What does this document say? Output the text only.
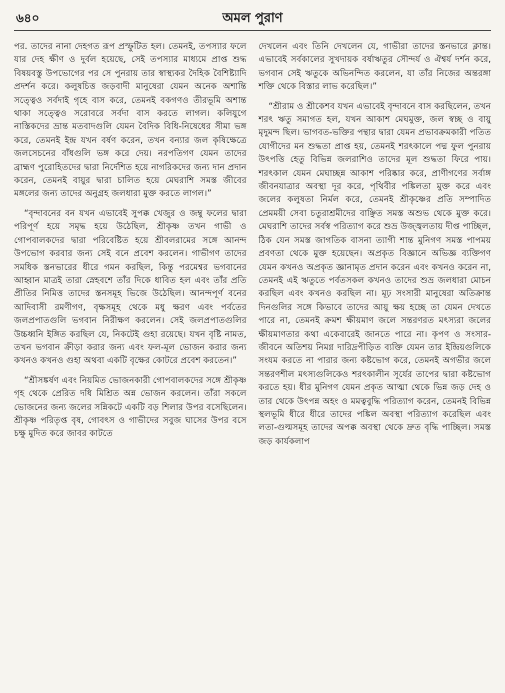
৬৪০	অমল পুরাণ

পর. তাদের নানা দেহগত রূপ প্রস্ফুটিত হল। তেমনই, তপস্যার ফলে যার দেহ ক্ষীণ ও দুর্বল হয়েছে, সেই তপস্যার মাধ্যমে প্রাপ্ত শুদ্ধ বিষয়বস্তু উপভোগের পর সে পুনরায় তার স্বাস্থ্যকর দৈহিক বৈশিষ্ট্যাদি প্রদর্শন করে। কলুষচিত্ত জড়বাদী মানুষেরা যেমন অনেক অশান্তি সত্ত্বেও সর্বদাই গৃহে বাস করে, তেমনই বকগণও তীরভূমি অশান্ত থাকা সত্ত্বেও সরোবরে সর্বদা বাস করতে লাগল। কলিযুগে নাস্তিকদের ভ্রান্ত মতবাদগুলি যেমন বৈদিক বিধি-নিষেধের সীমা ভঙ্গ করে, তেমনই ইন্দ্র যখন বর্ষণ করেন, তখন বন্যার জল কৃষিক্ষেত্রে জলসেচনের বাঁধগুলি ভঙ্গ করে দেয়। নরপতিগণ যেমন তাদের ব্রাহ্মণ পুরোহিতদের দ্বারা নির্দেশিত হয়ে নাগরিকদের জন্য দান প্রদান করেন, তেমনই বায়ুর দ্বারা চালিত হয়ে মেঘরাশি সমস্ত জীবের মঙ্গলের জন্য তাদের অনুগ্রহ জলধারা মুক্ত করতে লাগল।”

“বৃন্দাবনের বন যখন এভাবেই সুপক্ক খেজুর ও জম্বু ফলের দ্বারা পরিপূর্ণ হয়ে সমৃদ্ধ হয়ে উঠেছিল, শ্রীকৃষ্ণ তখন গাভী ও গোপবালকদের দ্বারা পরিবেষ্টিত হয়ে শ্রীবলরামের সঙ্গে আনন্দ উপভোগ করবার জন্য সেই বনে প্রবেশ করলেন। গাভীগণ তাদের সমধিক স্তনভারের ধীরে গমন করছিল, কিন্তু পরমেশ্বর ভগবানের আহ্বান মাত্রই তারা স্নেহবশে তাঁর দিকে ধাবিত হল এবং তাঁর প্রতি প্রীতির নিমিত্ত তাদের স্তনসমূহ ভিজে উঠেছিল। আনন্দপূর্ণ বনের আদিবাসী রমণীগণ, বৃক্ষসমূহ থেকে মধু ক্ষরণ এবং পর্বতের জলপ্রপাতগুলি ভগবান নিরীক্ষণ করলেন। সেই জলপ্রপাতগুলির উচ্চধ্বনি ইঙ্গিত করছিল যে, নিকটেই গুহা রয়েছে। যখন বৃষ্টি নামত, তখন ভগবান ক্রীড়া করার জন্য এবং ফল-মূল ভোজন করার জন্য কখনও কখনও গুহা অথবা একটি বৃক্ষের কোটরে প্রবেশ করতেন।”

“শ্রীসঙ্কর্ষণ এবং নিয়মিত ভোজনকারী গোপবালকদের সঙ্গে শ্রীকৃষ্ণ গৃহ থেকে প্রেরিত দধি মিশ্রিত অন্ন ভোজন করলেন। তাঁরা সকলে ভোজনের জন্য জলের সন্নিকটে একটি বড় শিলার উপর বসেছিলেন। শ্রীকৃষ্ণ পরিতৃপ্ত বৃষ, গোবৎস ও গাভীদের সবুজ ঘাসের উপর বসে চক্ষু মুদিত করে জাবর কাটতে

দেখলেন এবং তিনি দেখলেন যে, গাভীরা তাদের স্তনভারে ক্লান্ত। এভাবেই সর্বকালের সুখদায়ক বর্ষাঋতুর সৌন্দর্য ও ঐশ্বর্য দর্শন করে, ভগবান সেই ঋতুকে অভিনন্দিত করলেন, যা তাঁর নিজের অন্তরঙ্গা শক্তি থেকে বিস্তার লাভ করেছিল।”

“শ্রীরাম ও শ্রীকেশব যখন এভাবেই বৃন্দাবনে বাস করছিলেন, তখন শরৎ ঋতু সমাগত হল, যখন আকাশ মেঘমুক্ত, জল স্বচ্ছ ও বায়ু মৃদুমন্দ ছিল। ভাগবত-ভক্তির পন্থার দ্বারা যেমন প্রভাবক্রমকারী পতিত যোগীদের মন শুদ্ধতা প্রাপ্ত হয়, তেমনই শরৎকালে পদ্ম ফুল পুনরায় উৎপত্তি হেতু বিভিন্ন জলরাশিও তাদের মূল শুদ্ধতা ফিরে পায়। শরৎকাল যেমন মেঘাচ্ছন্ন আকাশ পরিষ্কার করে, প্রাণীগণের সর্বাঙ্গ জীবনযাত্রার অবস্থা দূর করে, পৃথিবীর পঙ্কিলতা মুক্ত করে এবং জলের কলুষতা নির্মল করে, তেমনই শ্রীকৃষ্ণের প্রতি সম্পাদিত প্রেমময়ী সেবা চতুরাশ্রমীদের বাঞ্ছিত সমস্ত অশুভ থেকে মুক্ত করে। মেঘরাশি তাদের সর্বস্ব পরিত্যাগ করে শুভ্র উজ্জ্বলতায় দীপ্ত পাচ্ছিল, ঠিক যেন সমস্ত জাগতিক বাসনা ত্যাগী শান্ত মুনিগণ সমস্ত পাপময় প্রবণতা থেকে মুক্ত হয়েছেন। অপ্রকৃত বিজ্ঞানে অভিজ্ঞ ব্যক্তিগণ যেমন কখনও অপ্রকৃত জ্ঞানামৃত প্রদান করেন এবং কখনও করেন না, তেমনই এই ঋতুতে পর্বতসকল কখনও তাদের শুভ্র জলধারা মোচন করছিল এবং কখনও করছিল না। মূঢ় সংসারী মানুষেরা অতিক্রান্ত দিনগুলির সঙ্গে কিভাবে তাদের আয়ু ক্ষয় হচ্ছে তা যেমন দেখতে পারে না, তেমনই ক্রমশ ক্ষীয়মাণ জলে সন্তরণরত মৎস্যরা জলের ক্ষীয়মাণতার কথা একেবারেই জানতে পারে না। কৃপণ ও সংসার-জীবনে অতিশয় নিমগ্ন দারিদ্রপীড়িত ব্যক্তি যেমন তার ইন্দ্রিয়গুলিকে সংযম করতে না পারার জন্য কষ্টভোগ করে, তেমনই অগভীর জলে সন্তরণশীল মৎস্যগুলিকেও শরৎকালীন সূর্যের তাপের দ্বারা কষ্টভোগ করতে হয়। ধীর মুনিগণ যেমন প্রকৃত আত্মা থেকে ভিন্ন জড় দেহ ও তার থেকে উৎপন্ন অহং ও মমত্ববুদ্ধি পরিত্যাগ করেন, তেমনই বিভিন্ন স্থলভূমি ধীরে ধীরে তাদের পঙ্কিল অবস্থা পরিত্যাগ করেছিল এবং লতা-গুল্মসমূহ তাদের অপক্ক অবস্থা থেকে দ্রুত বৃদ্ধি পাচ্ছিল। সমস্ত জড় কার্যকলাপ
